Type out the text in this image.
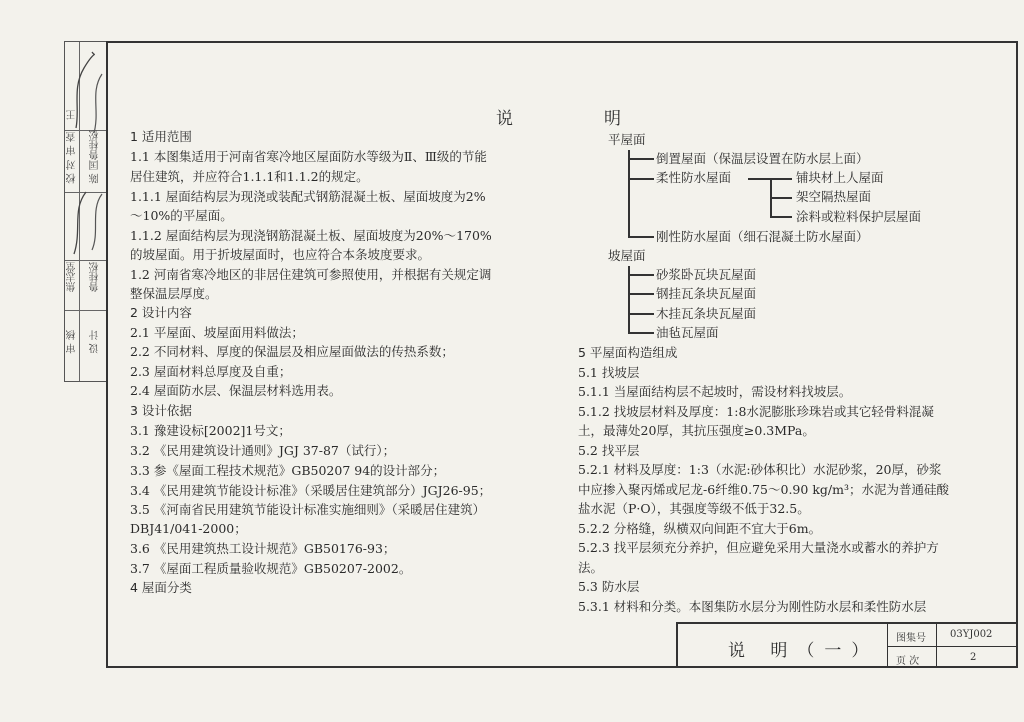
审 核 设 计
焦志堂 鲁桂松
校 对 陈 国
审 查 鲁桂松
王	说	明
1 适用范围
1.1 本图集适用于河南省寒冷地区屋面防水等级为Ⅱ、Ⅲ级的节能
居住建筑，并应符合1.1.1和1.1.2的规定。
1.1.1 屋面结构层为现浇或装配式钢筋混凝土板、屋面坡度为2%
～10%的平屋面。
1.1.2 屋面结构层为现浇钢筋混凝土板、屋面坡度为20%～170%
的坡屋面。用于折坡屋面时，也应符合本条坡度要求。
1.2 河南省寒冷地区的非居住建筑可参照使用，并根据有关规定调
整保温层厚度。
2 设计内容
2.1 平屋面、坡屋面用料做法；
2.2 不同材料、厚度的保温层及相应屋面做法的传热系数；
2.3 屋面材料总厚度及自重；
2.4 屋面防水层、保温层材料选用表。
3 设计依据
3.1 豫建设标[2002]1号文；
3.2 《民用建筑设计通则》JGJ 37-87（试行）；
3.3 参《屋面工程技术规范》GB50207 94的设计部分；
3.4 《民用建筑节能设计标准》（采暖居住建筑部分）JGJ26-95；
3.5 《河南省民用建筑节能设计标准实施细则》（采暖居住建筑）
DBJ41/041-2000；
3.6 《民用建筑热工设计规范》GB50176-93；
3.7 《屋面工程质量验收规范》GB50207-2002。
4 屋面分类
平屋面
倒置屋面（保温层设置在防水层上面）
柔性防水屋面
刚性防水屋面（细石混凝土防水屋面）
铺块材上人屋面
架空隔热屋面
涂料或粒料保护层屋面
坡屋面
砂浆卧瓦块瓦屋面
钢挂瓦条块瓦屋面
木挂瓦条块瓦屋面
油毡瓦屋面
5 平屋面构造组成
5.1 找坡层
5.1.1 当屋面结构层不起坡时，需设材料找坡层。
5.1.2 找坡层材料及厚度：1:8水泥膨胀珍珠岩或其它轻骨料混凝
土，最薄处20厚，其抗压强度≥0.3MPa。
5.2 找平层
5.2.1 材料及厚度：1:3（水泥:砂体积比）水泥砂浆，20厚，砂浆
中应掺入聚丙烯或尼龙-6纤维0.75～0.90 kg/m³；水泥为普通硅酸
盐水泥（P·O），其强度等级不低于32.5。
5.2.2 分格缝，纵横双向间距不宜大于6m。
5.2.3 找平层须充分养护，但应避免采用大量浇水或蓄水的养护方
法。
5.3 防水层
5.3.1 材料和分类。本图集防水层分为刚性防水层和柔性防水层
说 明（一）
图集号 03YJ002
页 次	2
